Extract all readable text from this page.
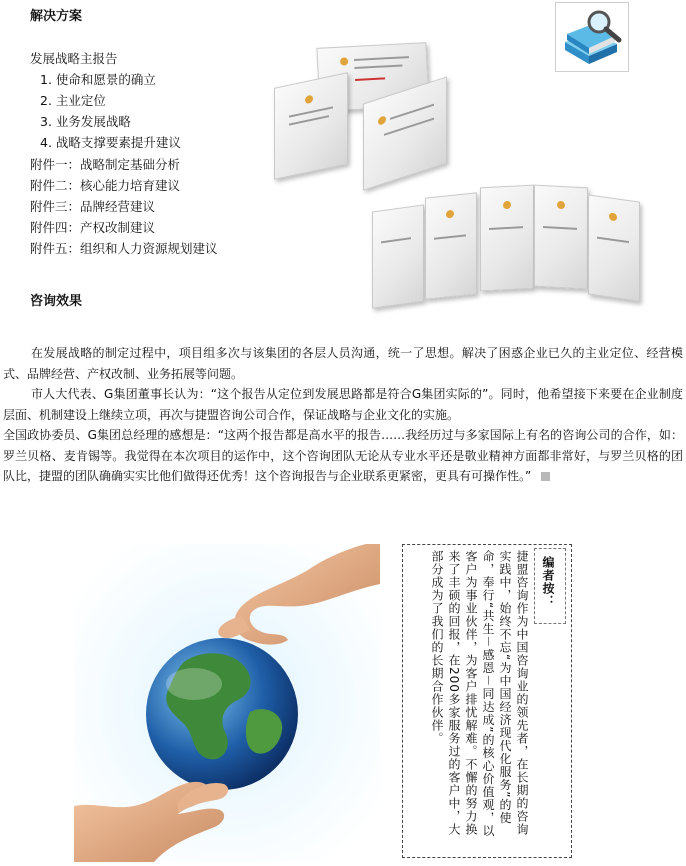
解决方案
发展战略主报告
1. 使命和愿景的确立
2. 主业定位
3. 业务发展战略
4. 战略支撑要素提升建议
附件一：战略制定基础分析
附件二：核心能力培育建议
附件三：品牌经营建议
附件四：产权改制建议
附件五：组织和人力资源规划建议
咨询效果

在发展战略的制定过程中，项目组多次与该集团的各层人员沟通，统一了思想。解决了困惑企业已久的主业定位、经营模式、品牌经营、产权改制、业务拓展等问题。

市人大代表、G集团董事长认为：“这个报告从定位到发展思路都是符合G集团实际的”。同时，他希望接下来要在企业制度层面、机制建设上继续立项，再次与捷盟咨询公司合作，保证战略与企业文化的实施。

全国政协委员、G集团总经理的感想是：“这两个报告都是高水平的报告……我经历过与多家国际上有名的咨询公司的合作，如：罗兰贝格、麦肯锡等。我觉得在本次项目的运作中，这个咨询团队无论从专业水平还是敬业精神方面都非常好，与罗兰贝格的团队比，捷盟的团队确确实实比他们做得还优秀！这个咨询报告与企业联系更紧密，更具有可操作性。”

编者按：
捷盟咨询作为中国咨询业的领先者，在长期的咨询实践中，始终不忘“为中国经济现代化服务”的使命，奉行“共生－感恩－同达成”的核心价值观，以客户为事业伙伴，为客户排忧解难。不懈的努力换来了丰硕的回报，在200多家服务过的客户中，大部分成为了我们的长期合作伙伴。
